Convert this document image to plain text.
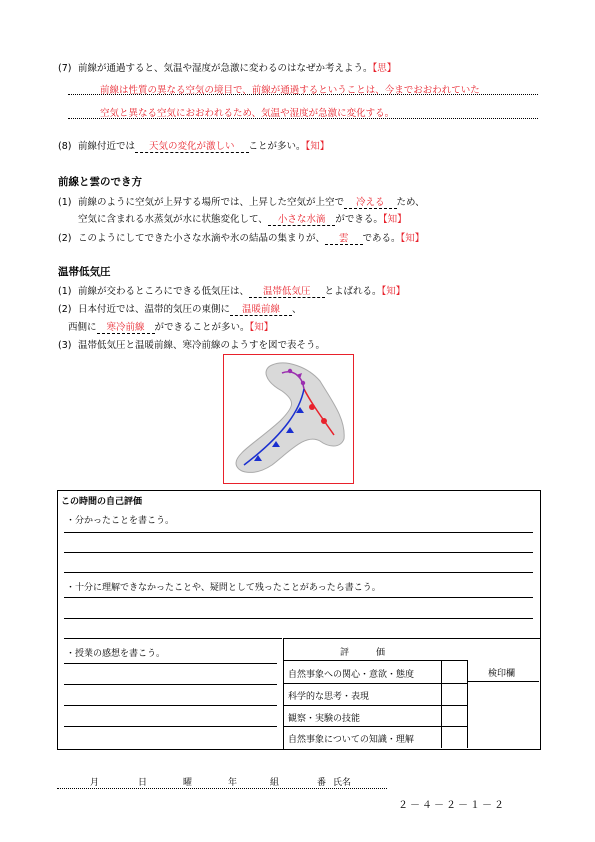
(7) 前線が通過すると、気温や湿度が急激に変わるのはなぜか考えよう。【思】
前線は性質の異なる空気の境目で、前線が通過するということは、今までおおわれていた
空気と異なる空気におおわれるため、気温や湿度が急激に変化する。
(8) 前線付近では 天気の変化が激しい ことが多い。【知】
前線と雲のでき方
(1) 前線のように空気が上昇する場所では、上昇した空気が上空で 冷える ため、
空気に含まれる水蒸気が水に状態変化して、 小さな水滴 ができる。【知】
(2) このようにしてできた小さな水滴や氷の結晶の集まりが、 雲 である。【知】
温帯低気圧
(1) 前線が交わるところにできる低気圧は、 温帯低気圧 とよばれる。【知】
(2) 日本付近では、温帯的気圧の東側に 温暖前線 、
西側に 寒冷前線 ができることが多い。【知】
(3) 温帯低気圧と温暖前線、寒冷前線のようすを図で表そう。
この時間の自己評価
・分かったことを書こう。
・十分に理解できなかったことや、疑問として残ったことがあったら書こう。
・授業の感想を書こう。	評　　　価
自然事象への関心・意欲・態度
科学的な思考・表現
観察・実験の技能
自然事象についての知識・理解
検印欄
月	日	曜	年	組	番 氏名
２－４－２－１－２
